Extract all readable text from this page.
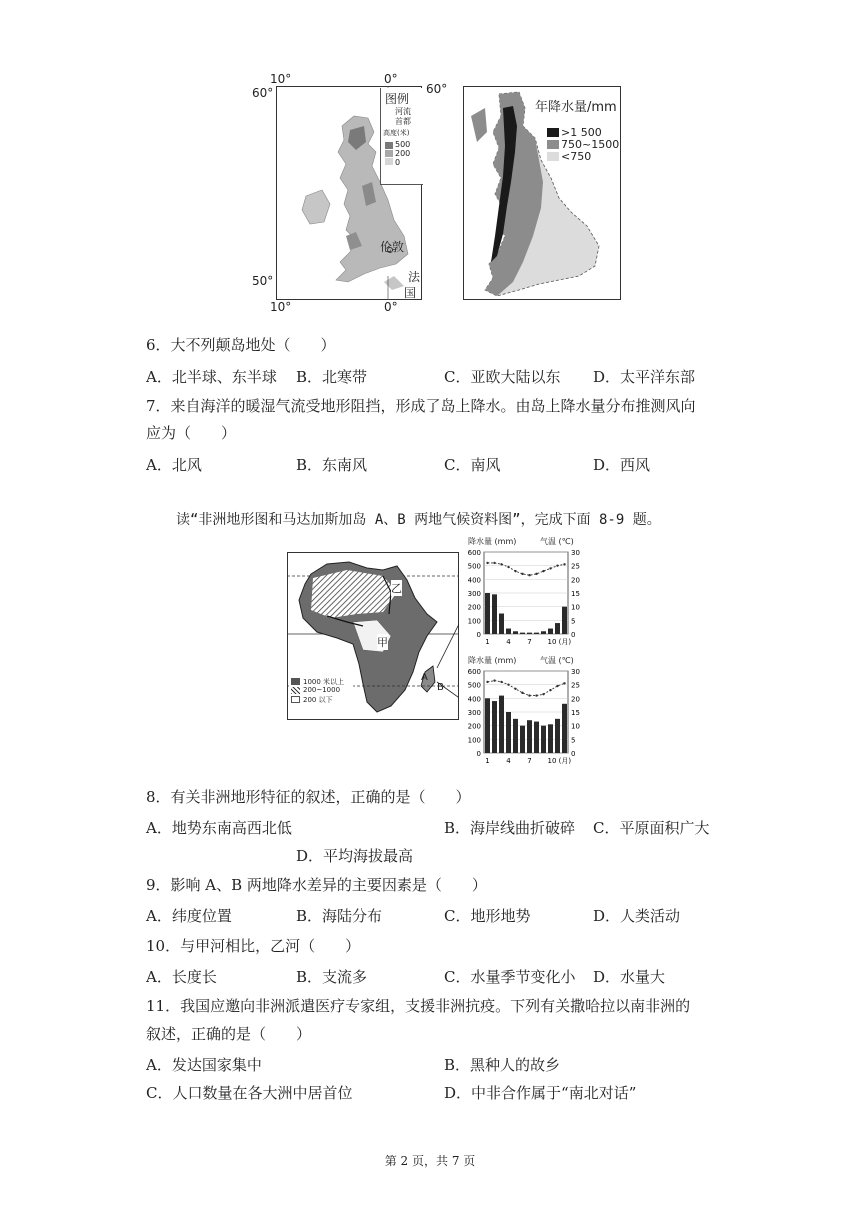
10°	0°
60°	60°
50°
10°	0°
图例
河流
首都
高度(米)
500
200
0
伦敦
法
国
年降水量/mm
>1 500
750~1500
<750
6．大不列颠岛地处（　　）
A．北半球、东半球 B．北寒带	C．亚欧大陆以东 D．太平洋东部
7．来自海洋的暖湿气流受地形阻挡，形成了岛上降水。由岛上降水量分布推测风向
应为（　　）
A．北风	B．东南风	C．南风	D．西风
读“非洲地形图和马达加斯加岛 A、B 两地气候资料图”，完成下面 8-9 题。
乙
甲
A
B
1000 米以上
200~1000
200 以下
降水量 (mm)	气温 (℃)
600
500
400
300
200
100
0
30
25
20
15
10
5
0
1 4 7 10 (月)
降水量 (mm)	气温 (℃)
600
500
400
300
200
100
0
30
25
20
15
10
5
0
1 4 7 10 (月)
8．有关非洲地形特征的叙述，正确的是（　　）
A．地势东南高西北低	B．海岸线曲折破碎 C．平原面积广大
D．平均海拔最高
9．影响 A、B 两地降水差异的主要因素是（　　）
A．纬度位置	B．海陆分布	C．地形地势	D．人类活动
10．与甲河相比，乙河（　　）
A．长度长	B．支流多	C．水量季节变化小 D．水量大
11．我国应邀向非洲派遣医疗专家组，支援非洲抗疫。下列有关撒哈拉以南非洲的
叙述，正确的是（　　）
A．发达国家集中	B．黑种人的故乡
C．人口数量在各大洲中居首位	D．中非合作属于“南北对话”
第 2 页，共 7 页
